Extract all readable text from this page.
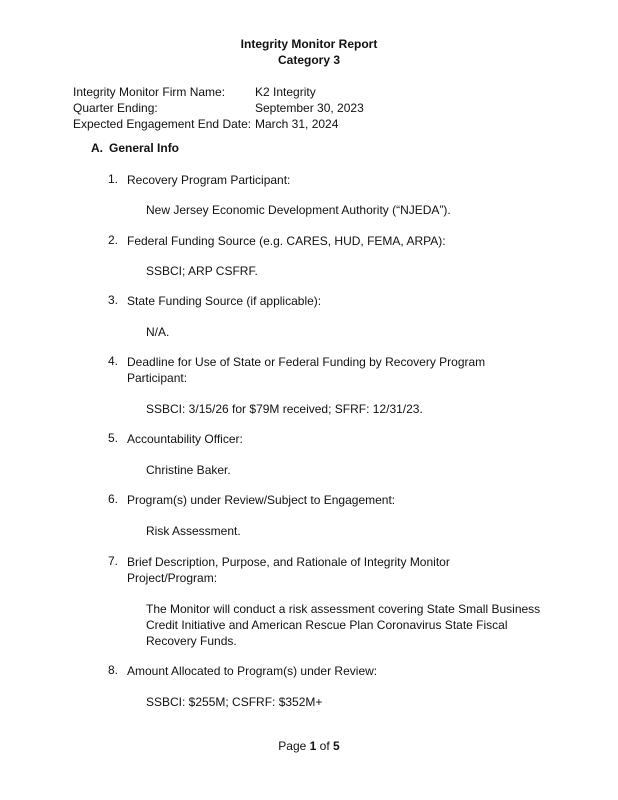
Integrity Monitor Report
Category 3
Integrity Monitor Firm Name: K2 Integrity
Quarter Ending:	September 30, 2023
Expected Engagement End Date: March 31, 2024
A. General Info
1. Recovery Program Participant:
New Jersey Economic Development Authority (“NJEDA”).
2. Federal Funding Source (e.g. CARES, HUD, FEMA, ARPA):
SSBCI; ARP CSFRF.
3. State Funding Source (if applicable):
N/A.
4. Deadline for Use of State or Federal Funding by Recovery Program Participant:
SSBCI: 3/15/26 for $79M received; SFRF: 12/31/23.
5. Accountability Officer:
Christine Baker.
6. Program(s) under Review/Subject to Engagement:
Risk Assessment.
7. Brief Description, Purpose, and Rationale of Integrity Monitor Project/Program:
The Monitor will conduct a risk assessment covering State Small Business Credit Initiative and American Rescue Plan Coronavirus State Fiscal Recovery Funds.
8. Amount Allocated to Program(s) under Review:
SSBCI: $255M; CSFRF: $352M+
Page 1 of 5
